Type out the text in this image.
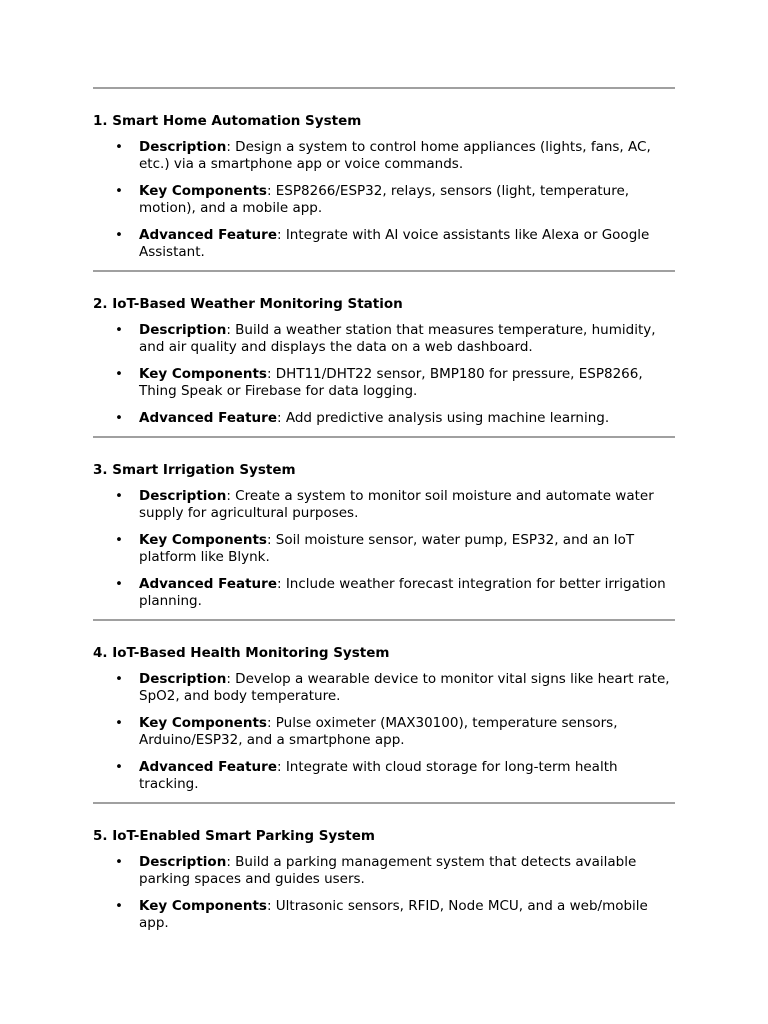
1. Smart Home Automation System
• Description: Design a system to control home appliances (lights, fans, AC, etc.) via a smartphone app or voice commands.
• Key Components: ESP8266/ESP32, relays, sensors (light, temperature, motion), and a mobile app.
• Advanced Feature: Integrate with AI voice assistants like Alexa or Google Assistant.
2. IoT-Based Weather Monitoring Station
• Description: Build a weather station that measures temperature, humidity, and air quality and displays the data on a web dashboard.
• Key Components: DHT11/DHT22 sensor, BMP180 for pressure, ESP8266, Thing Speak or Firebase for data logging.
• Advanced Feature: Add predictive analysis using machine learning.
3. Smart Irrigation System
• Description: Create a system to monitor soil moisture and automate water supply for agricultural purposes.
• Key Components: Soil moisture sensor, water pump, ESP32, and an IoT platform like Blynk.
• Advanced Feature: Include weather forecast integration for better irrigation planning.
4. IoT-Based Health Monitoring System
• Description: Develop a wearable device to monitor vital signs like heart rate, SpO2, and body temperature.
• Key Components: Pulse oximeter (MAX30100), temperature sensors, Arduino/ESP32, and a smartphone app.
• Advanced Feature: Integrate with cloud storage for long-term health tracking.
5. IoT-Enabled Smart Parking System
• Description: Build a parking management system that detects available parking spaces and guides users.
• Key Components: Ultrasonic sensors, RFID, Node MCU, and a web/mobile app.
